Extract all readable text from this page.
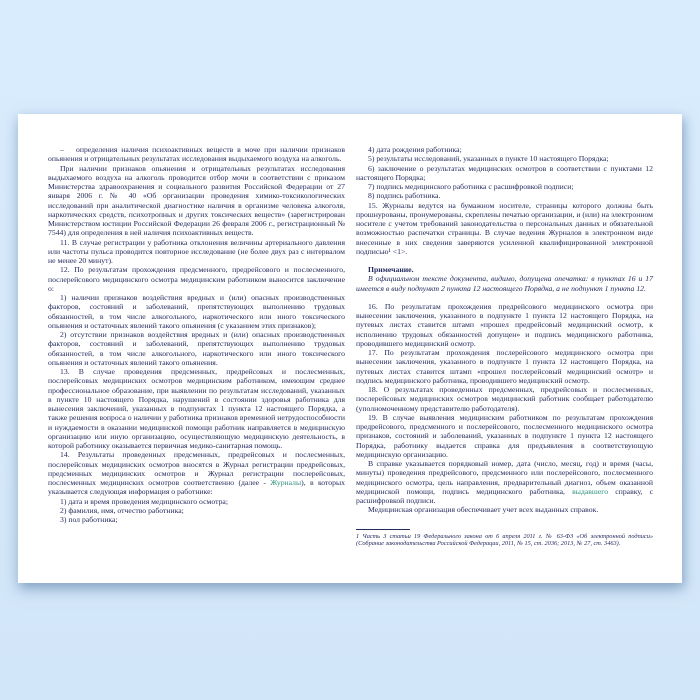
– определения наличия психоактивных веществ в моче при наличии признаков опьянения и отрицательных результатах исследования выдыхаемого воздуха на алкоголь.

При наличии признаков опьянения и отрицательных результатах исследования выдыхаемого воздуха на алкоголь проводится отбор мочи в соответствии с приказом Министерства здравоохранения и социального развития Российской Федерации от 27 января 2006 г. № 40 «Об организации проведения химико-токсикологических исследований при аналитической диагностике наличия в организме человека алкоголя, наркотических средств, психотропных и других токсических веществ» (зарегистрирован Министерством юстиции Российской Федерации 26 февраля 2006 г., регистрационный № 7544) для определения в ней наличия психоактивных веществ.

11. В случае регистрации у работника отклонения величины артериального давления или частоты пульса проводится повторное исследование (не более двух раз с интервалом не менее 20 минут).

12. По результатам прохождения предсменного, предрейсового и послесменного, послерейсового медицинского осмотра медицинским работником выносится заключение о:

1) наличии признаков воздействия вредных и (или) опасных производственных факторов, состояний и заболеваний, препятствующих выполнению трудовых обязанностей, в том числе алкогольного, наркотического или иного токсического опьянения и остаточных явлений такого опьянения (с указанием этих признаков);

2) отсутствии признаков воздействия вредных и (или) опасных производственных факторов, состояний и заболеваний, препятствующих выполнению трудовых обязанностей, в том числе алкогольного, наркотического или иного токсического опьянения и остаточных явлений такого опьянения.

13. В случае проведения предсменных, предрейсовых и послесменных, послерейсовых медицинских осмотров медицинским работником, имеющим среднее профессиональное образование, при выявлении по результатам исследований, указанных в пункте 10 настоящего Порядка, нарушений в состоянии здоровья работника для вынесения заключений, указанных в подпунктах 1 пункта 12 настоящего Порядка, а также решения вопроса о наличии у работника признаков временной нетрудоспособности и нуждаемости в оказании медицинской помощи работник направляется в медицинскую организацию или иную организацию, осуществляющую медицинскую деятельность, в которой работнику оказывается первичная медико-санитарная помощь.

14. Результаты проведенных предсменных, предрейсовых и послесменных, послерейсовых медицинских осмотров вносятся в Журнал регистрации предрейсовых, предсменных медицинских осмотров и Журнал регистрации послерейсовых, послесменных медицинских осмотров соответственно (далее - Журналы), в которых указывается следующая информация о работнике:

1) дата и время проведения медицинского осмотра;

2) фамилия, имя, отчество работника;

3) пол работника;

4) дата рождения работника;

5) результаты исследований, указанных в пункте 10 настоящего Порядка;

6) заключение о результатах медицинских осмотров в соответствии с пунктами 12 настоящего Порядка;

7) подпись медицинского работника с расшифровкой подписи;

8) подпись работника.

15. Журналы ведутся на бумажном носителе, страницы которого должны быть прошнурованы, пронумерованы, скреплены печатью организации, и (или) на электронном носителе с учетом требований законодательства о персональных данных и обязательной возможностью распечатки страницы. В случае ведения Журналов в электронном виде внесенные в них сведения заверяются усиленной квалифицированной электронной подписью¹ <1>.

Примечание.

В официальном тексте документа, видимо, допущена опечатка: в пунктах 16 и 17 имеется в виду подпункт 2 пункта 12 настоящего Порядка, а не подпункт 1 пункта 12.

16. По результатам прохождения предрейсового медицинского осмотра при вынесении заключения, указанного в подпункте 1 пункта 12 настоящего Порядка, на путевых листах ставится штамп «прошел предрейсовый медицинский осмотр, к исполнению трудовых обязанностей допущен» и подпись медицинского работника, проводившего медицинский осмотр.

17. По результатам прохождения послерейсового медицинского осмотра при вынесении заключения, указанного в подпункте 1 пункта 12 настоящего Порядка, на путевых листах ставится штамп «прошел послерейсовый медицинский осмотр» и подпись медицинского работника, проводившего медицинский осмотр.

18. О результатах проведенных предсменных, предрейсовых и послесменных, послерейсовых медицинских осмотров медицинский работник сообщает работодателю (уполномоченному представителю работодателя).

19. В случае выявления медицинским работником по результатам прохождения предрейсового, предсменного и послерейсового, послесменного медицинского осмотра признаков, состояний и заболеваний, указанных в подпункте 1 пункта 12 настоящего Порядка, работнику выдается справка для предъявления в соответствующую медицинскую организацию.

В справке указывается порядковый номер, дата (число, месяц, год) и время (часы, минуты) проведения предрейсового, предсменного или послерейсового, послесменного медицинского осмотра, цель направления, предварительный диагноз, объем оказанной медицинской помощи, подпись медицинского работника, выдавшего справку, с расшифровкой подписи.

Медицинская организация обеспечивает учет всех выданных справок.

1 Часть 3 статьи 19 Федерального закона от 6 апреля 2011 г. № 63-ФЗ «Об электронной подписи» (Собрание законодательства Российской Федерации, 2011, № 15, ст. 2036; 2013, № 27, ст. 3463).
